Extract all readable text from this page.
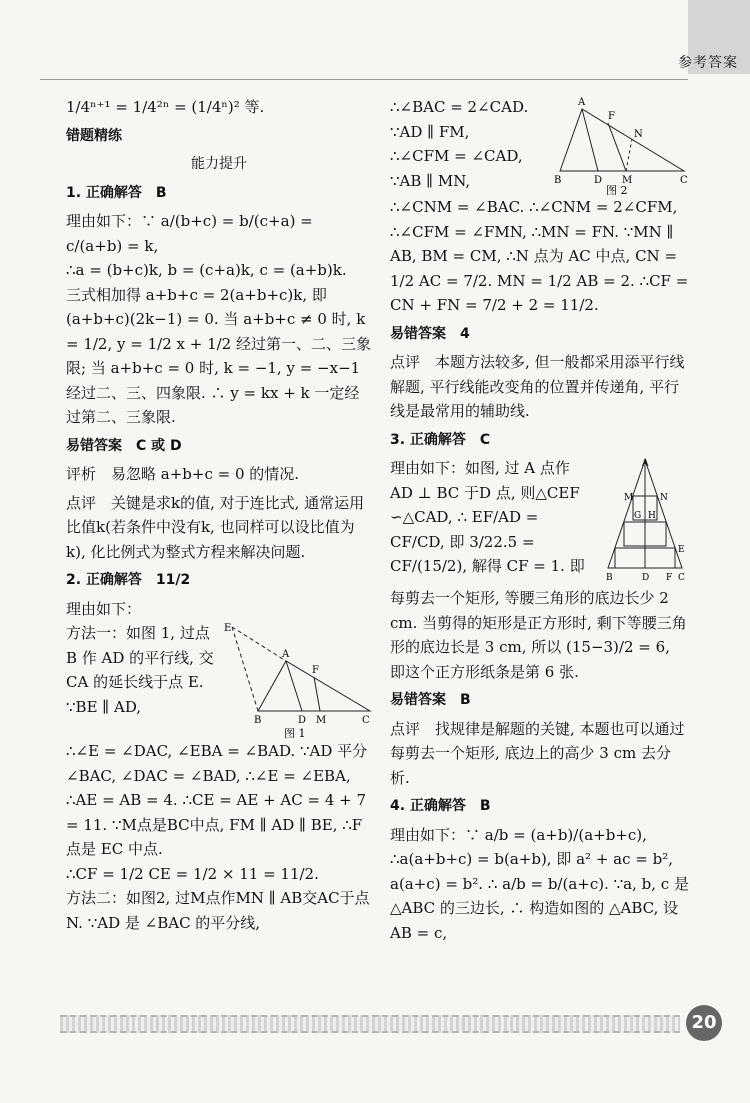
参考答案

1/4ⁿ⁺¹ = 1/4²ⁿ = (1/4ⁿ)² 等.

错题精练

能力提升

1. 正确解答　B

理由如下：∵ a/(b+c) = b/(c+a) = c/(a+b) = k,

∴a = (b+c)k, b = (c+a)k, c = (a+b)k.

三式相加得 a+b+c = 2(a+b+c)k, 即(a+b+c)(2k−1) = 0. 当 a+b+c ≠ 0 时, k = 1/2, y = 1/2 x + 1/2 经过第一、二、三象限; 当 a+b+c = 0 时, k = −1, y = −x−1 经过二、三、四象限. ∴ y = kx + k 一定经过第二、三象限.

易错答案　C 或 D

评析　易忽略 a+b+c = 0 的情况.

点评　关键是求k的值, 对于连比式, 通常运用比值k(若条件中没有k, 也同样可以设比值为k), 化比例式为整式方程来解决问题.

2. 正确解答　11/2

理由如下：

E
A
F
B	D M	C
图 1

方法一：如图 1, 过点 B 作 AD 的平行线, 交CA 的延长线于点 E. ∵BE ∥ AD,

∴∠E = ∠DAC, ∠EBA = ∠BAD. ∵AD 平分 ∠BAC, ∠DAC = ∠BAD, ∴∠E = ∠EBA, ∴AE = AB = 4. ∴CE = AE + AC = 4 + 7 = 11. ∵M点是BC中点, FM ∥ AD ∥ BE, ∴F 点是 EC 中点.

∴CF = 1/2 CE = 1/2 × 11 = 11/2.

方法二：如图2, 过M点作MN ∥ AB交AC于点 N. ∵AD 是 ∠BAC 的平分线,

A
F
N
B	D M	C
图 2

∴∠BAC = 2∠CAD.

∵AD ∥ FM,

∴∠CFM = ∠CAD,

∵AB ∥ MN,

∴∠CNM = ∠BAC. ∴∠CNM = 2∠CFM, ∴∠CFM = ∠FMN, ∴MN = FN. ∵MN ∥ AB, BM = CM, ∴N 点为 AC 中点, CN = 1/2 AC = 7/2. MN = 1/2 AB = 2. ∴CF = CN + FN = 7/2 + 2 = 11/2.

易错答案　4

点评　本题方法较多, 但一般都采用添平行线解题, 平行线能改变角的位置并传递角, 平行线是最常用的辅助线.

3. 正确解答　C

A
M	N
G H
E
B	D F C

理由如下：如图, 过 A 点作 AD ⊥ BC 于D 点, 则△CEF ∽△CAD, ∴ EF/AD = CF/CD, 即 3/22.5 = CF/(15/2), 解得 CF = 1. 即

每剪去一个矩形, 等腰三角形的底边长少 2 cm. 当剪得的矩形是正方形时, 剩下等腰三角形的底边长是 3 cm, 所以 (15−3)/2 = 6,

即这个正方形纸条是第 6 张.

易错答案　B

点评　找规律是解题的关键, 本题也可以通过每剪去一个矩形, 底边上的高少 3 cm 去分析.

4. 正确解答　B

理由如下：∵ a/b = (a+b)/(a+b+c), ∴a(a+b+c) = b(a+b), 即 a² + ac = b², a(a+c) = b². ∴ a/b = b/(a+c). ∵a, b, c 是 △ABC 的三边长, ∴ 构造如图的 △ABC, 设 AB = c,

20
